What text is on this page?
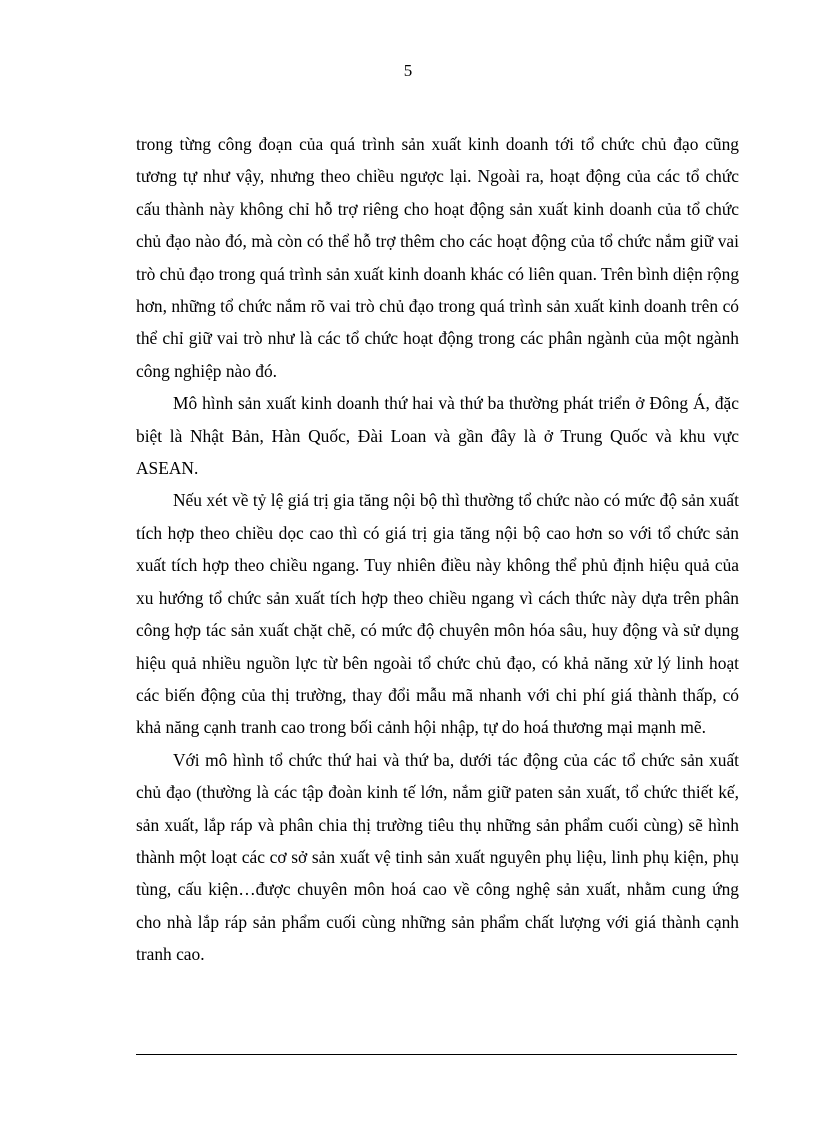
5

trong từng công đoạn của quá trình sản xuất kinh doanh tới tổ chức chủ đạo cũng tương tự như vậy, nhưng theo chiều ngược lại. Ngoài ra, hoạt động của các tổ chức cấu thành này không chỉ hỗ trợ riêng cho hoạt động sản xuất kinh doanh của tổ chức chủ đạo nào đó, mà còn có thể hỗ trợ thêm cho các hoạt động của tổ chức nắm giữ vai trò chủ đạo trong quá trình sản xuất kinh doanh khác có liên quan. Trên bình diện rộng hơn, những tổ chức nắm rõ vai trò chủ đạo trong quá trình sản xuất kinh doanh trên có thể chỉ giữ vai trò như là các tổ chức hoạt động trong các phân ngành của một ngành công nghiệp nào đó.

Mô hình sản xuất kinh doanh thứ hai và thứ ba thường phát triển ở Đông Á, đặc biệt là Nhật Bản, Hàn Quốc, Đài Loan và gần đây là ở Trung Quốc và khu vực ASEAN.

Nếu xét về tỷ lệ giá trị gia tăng nội bộ thì thường tổ chức nào có mức độ sản xuất tích hợp theo chiều dọc cao thì có giá trị gia tăng nội bộ cao hơn so với tổ chức sản xuất tích hợp theo chiều ngang. Tuy nhiên điều này không thể phủ định hiệu quả của xu hướng tổ chức sản xuất tích hợp theo chiều ngang vì cách thức này dựa trên phân công hợp tác sản xuất chặt chẽ, có mức độ chuyên môn hóa sâu, huy động và sử dụng hiệu quả nhiều nguồn lực từ bên ngoài tổ chức chủ đạo, có khả năng xử lý linh hoạt các biến động của thị trường, thay đổi mẫu mã nhanh với chi phí giá thành thấp, có khả năng cạnh tranh cao trong bối cảnh hội nhập, tự do hoá thương mại mạnh mẽ.

Với mô hình tổ chức thứ hai và thứ ba, dưới tác động của các tổ chức sản xuất chủ đạo (thường là các tập đoàn kinh tế lớn, nắm giữ paten sản xuất, tổ chức thiết kế, sản xuất, lắp ráp và phân chia thị trường tiêu thụ những sản phẩm cuối cùng) sẽ hình thành một loạt các cơ sở sản xuất vệ tinh sản xuất nguyên phụ liệu, linh phụ kiện, phụ tùng, cấu kiện…được chuyên môn hoá cao về công nghệ sản xuất, nhằm cung ứng cho nhà lắp ráp sản phẩm cuối cùng những sản phẩm chất lượng với giá thành cạnh tranh cao.
